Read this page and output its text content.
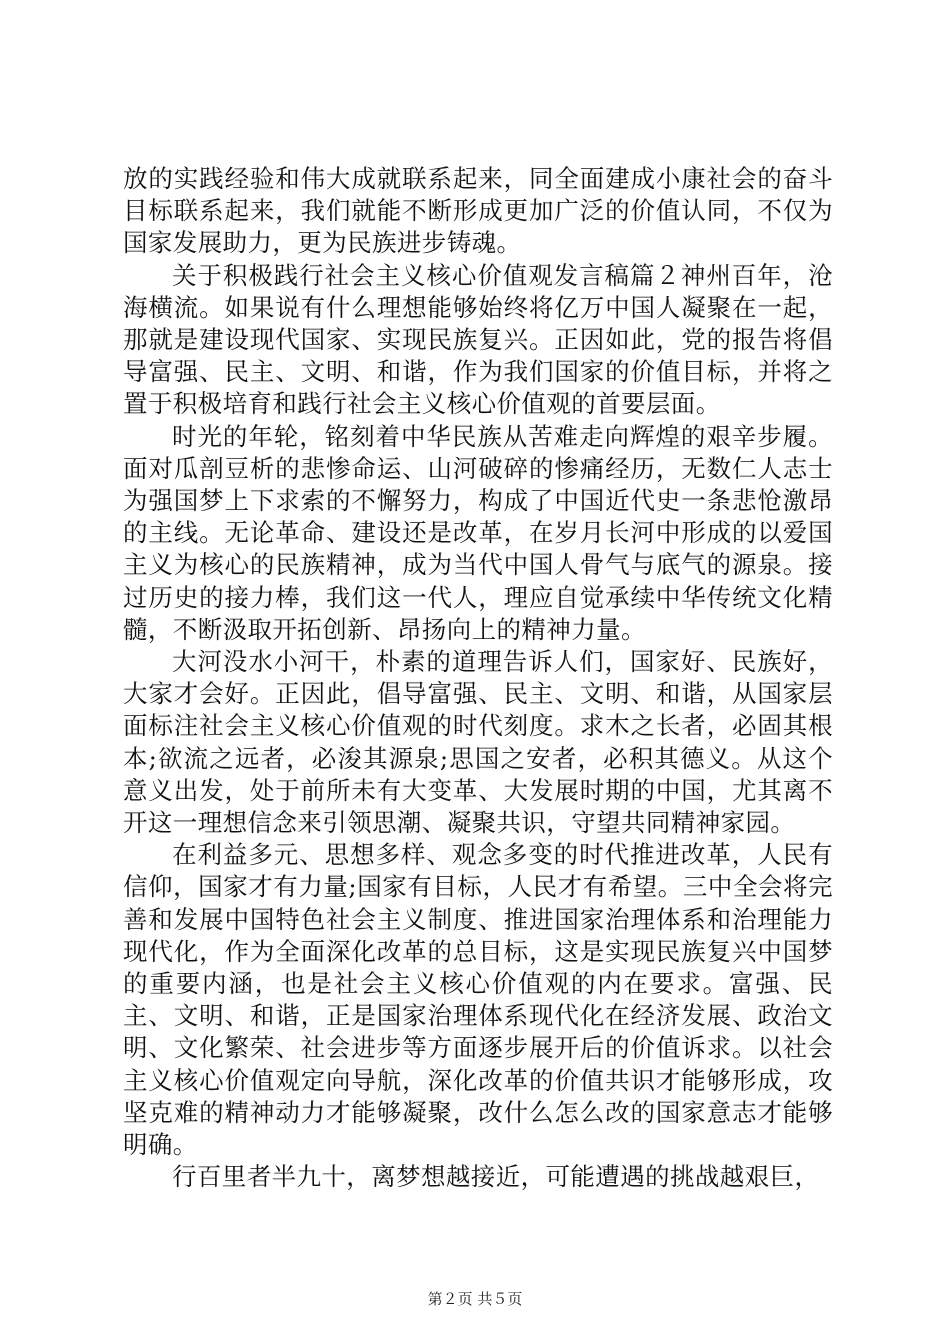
放的实践经验和伟大成就联系起来，同全面建成小康社会的奋斗目标联系起来，我们就能不断形成更加广泛的价值认同，不仅为国家发展助力，更为民族进步铸魂。

关于积极践行社会主义核心价值观发言稿篇２神州百年，沧海横流。如果说有什么理想能够始终将亿万中国人凝聚在一起，那就是建设现代国家、实现民族复兴。正因如此，党的报告将倡导富强、民主、文明、和谐，作为我们国家的价值目标，并将之置于积极培育和践行社会主义核心价值观的首要层面。

时光的年轮，铭刻着中华民族从苦难走向辉煌的艰辛步履。面对瓜剖豆析的悲惨命运、山河破碎的惨痛经历，无数仁人志士为强国梦上下求索的不懈努力，构成了中国近代史一条悲怆激昂的主线。无论革命、建设还是改革，在岁月长河中形成的以爱国主义为核心的民族精神，成为当代中国人骨气与底气的源泉。接过历史的接力棒，我们这一代人，理应自觉承续中华传统文化精髓，不断汲取开拓创新、昂扬向上的精神力量。

大河没水小河干，朴素的道理告诉人们，国家好、民族好，大家才会好。正因此，倡导富强、民主、文明、和谐，从国家层面标注社会主义核心价值观的时代刻度。求木之长者，必固其根本;欲流之远者，必浚其源泉;思国之安者，必积其德义。从这个意义出发，处于前所未有大变革、大发展时期的中国，尤其离不开这一理想信念来引领思潮、凝聚共识，守望共同精神家园。

在利益多元、思想多样、观念多变的时代推进改革，人民有信仰，国家才有力量;国家有目标，人民才有希望。三中全会将完善和发展中国特色社会主义制度、推进国家治理体系和治理能力现代化，作为全面深化改革的总目标，这是实现民族复兴中国梦的重要内涵，也是社会主义核心价值观的内在要求。富强、民主、文明、和谐，正是国家治理体系现代化在经济发展、政治文明、文化繁荣、社会进步等方面逐步展开后的价值诉求。以社会主义核心价值观定向导航，深化改革的价值共识才能够形成，攻坚克难的精神动力才能够凝聚，改什么怎么改的国家意志才能够明确。

行百里者半九十，离梦想越接近，可能遭遇的挑战越艰巨，

第２页 共５页
